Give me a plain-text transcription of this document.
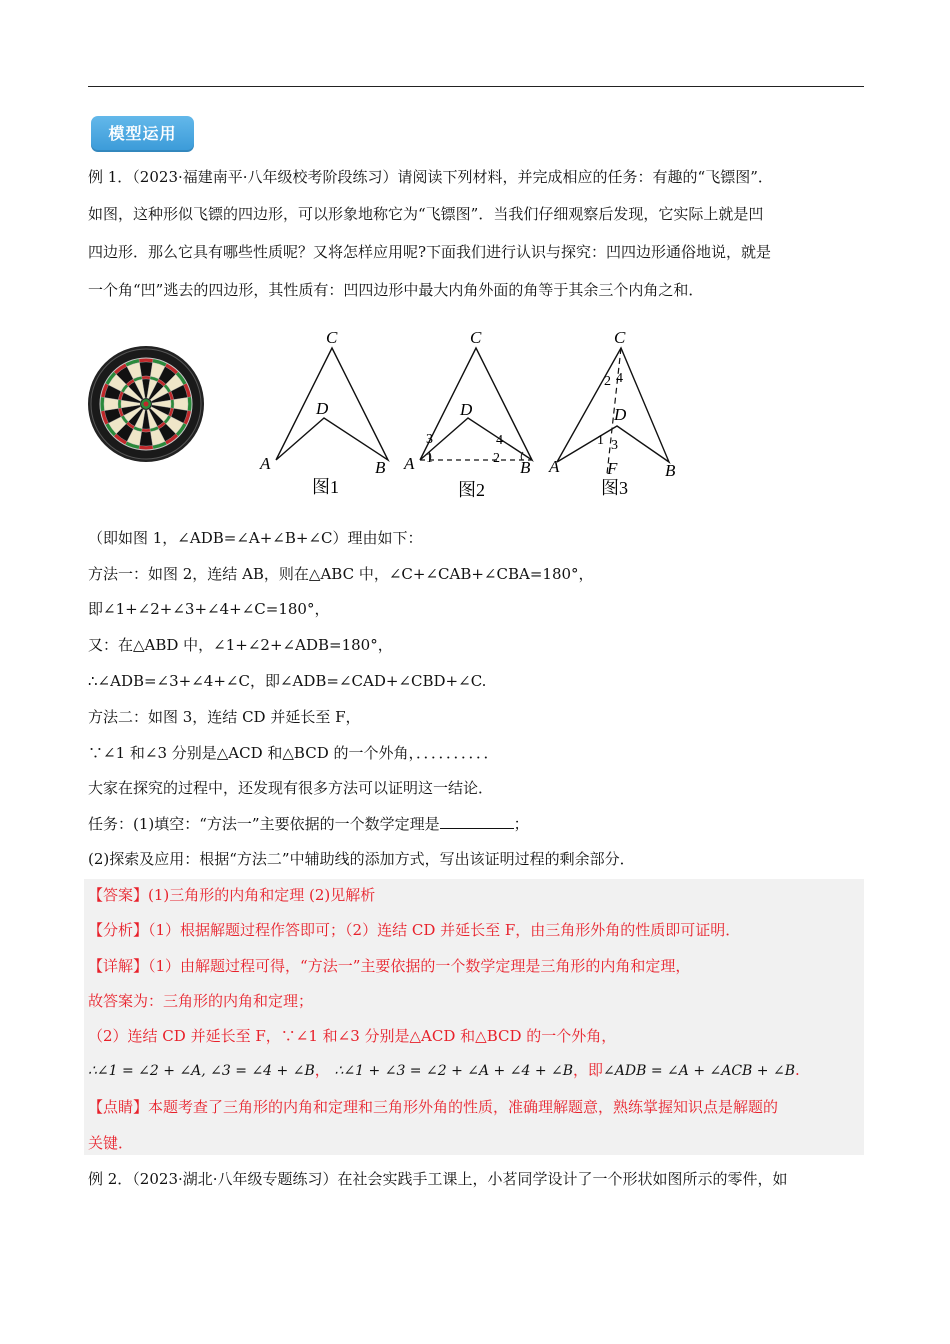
模型运用
例 1．（2023·福建南平·八年级校考阶段练习）请阅读下列材料，并完成相应的任务：有趣的“飞镖图”．
如图，这种形似飞镖的四边形，可以形象地称它为“飞镖图”．当我们仔细观察后发现，它实际上就是凹
四边形．那么它具有哪些性质呢？又将怎样应用呢?下面我们进行认识与探究：凹四边形通俗地说，就是
一个角“凹”逃去的四边形，其性质有：凹四边形中最大内角外面的角等于其余三个内角之和．
C
D
A	B
图1
C
D
A	B
3
1
4
2
图2
C
D
A	B
F
2 4
1 3
图3
（即如图 1，∠ADB=∠A+∠B+∠C）理由如下：
方法一：如图 2，连结 AB，则在△ABC 中，∠C+∠CAB+∠CBA=180°，
即∠1+∠2+∠3+∠4+∠C=180°，
又：在△ABD 中，∠1+∠2+∠ADB=180°，
∴∠ADB=∠3+∠4+∠C，即∠ADB=∠CAD+∠CBD+∠C.
方法二：如图 3，连结 CD 并延长至 F，
∵∠1 和∠3 分别是△ACD 和△BCD 的一个外角，．．．．．．．．．．
大家在探究的过程中，还发现有很多方法可以证明这一结论．
任务：(1)填空：“方法一”主要依据的一个数学定理是	；
(2)探索及应用：根据“方法二”中辅助线的添加方式，写出该证明过程的剩余部分．
【答案】(1)三角形的内角和定理 (2)见解析
【分析】（1）根据解题过程作答即可；（2）连结 CD 并延长至 F，由三角形外角的性质即可证明．
【详解】（1）由解题过程可得，“方法一”主要依据的一个数学定理是三角形的内角和定理，
故答案为：三角形的内角和定理；
（2）连结 CD 并延长至 F，∵∠1 和∠3 分别是△ACD 和△BCD 的一个外角，
∴∠1 = ∠2 + ∠A, ∠3 = ∠4 + ∠B， ∴∠1 + ∠3 = ∠2 + ∠A + ∠4 + ∠B，即∠ADB = ∠A + ∠ACB + ∠B.
【点睛】本题考查了三角形的内角和定理和三角形外角的性质，准确理解题意，熟练掌握知识点是解题的
关键．
例 2．（2023·湖北·八年级专题练习）在社会实践手工课上，小茗同学设计了一个形状如图所示的零件，如
